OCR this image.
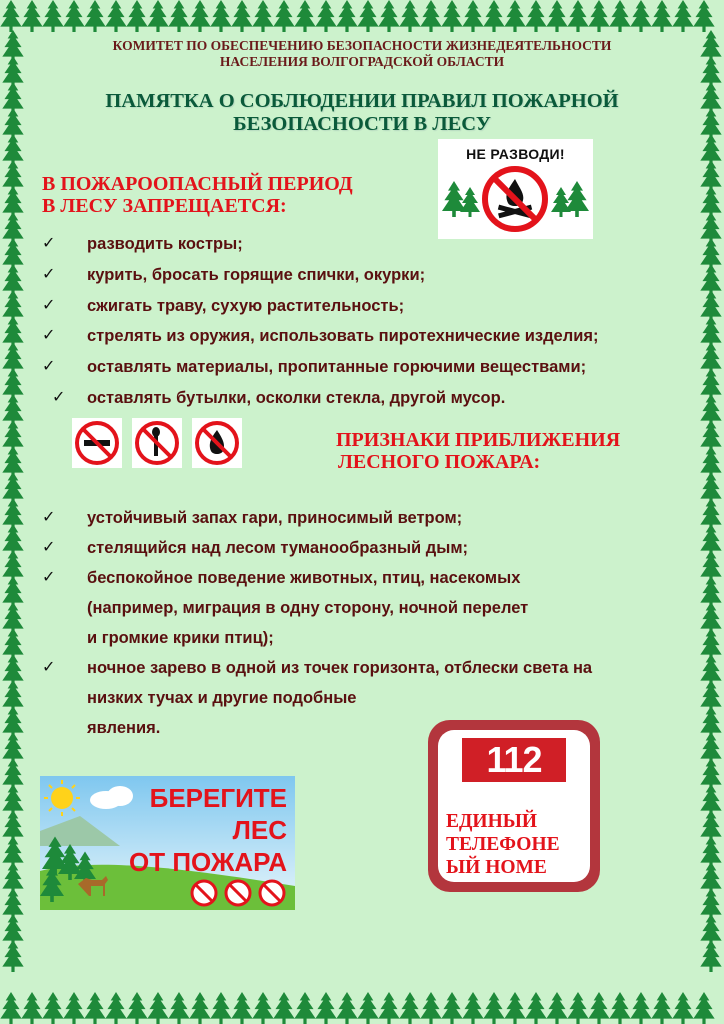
КОМИТЕТ ПО ОБЕСПЕЧЕНИЮ БЕЗОПАСНОСТИ ЖИЗНЕДЕЯТЕЛЬНОСТИ
НАСЕЛЕНИЯ ВОЛГОГРАДСКОЙ ОБЛАСТИ
ПАМЯТКА О СОБЛЮДЕНИИ ПРАВИЛ ПОЖАРНОЙ
БЕЗОПАСНОСТИ В ЛЕСУ
В ПОЖАРООПАСНЫЙ ПЕРИОД
В ЛЕСУ ЗАПРЕЩАЕТСЯ:
НЕ РАЗВОДИ!
✓ разводить костры;
✓ курить, бросать горящие спички, окурки;
✓ сжигать траву, сухую растительность;
✓ стрелять из оружия, использовать пиротехнические изделия;
✓ оставлять материалы, пропитанные горючими веществами;
✓ оставлять бутылки, осколки стекла, другой мусор.
ПРИЗНАКИ ПРИБЛИЖЕНИЯ
ЛЕСНОГО ПОЖАРА:
✓ устойчивый запах гари, приносимый ветром;
✓ стелящийся над лесом туманообразный дым;
✓ беспокойное поведение животных, птиц, насекомых
(например, миграция в одну сторону, ночной перелет
и громкие крики птиц);
✓ ночное зарево в одной из точек горизонта, отблески света на
низких тучах и другие подобные
явления.
БЕРЕГИТЕ
ЛЕС
ОТ ПОЖАРА
112
ЕДИНЫЙ
ТЕЛЕФОНЕ
ЫЙ НОМЕ
